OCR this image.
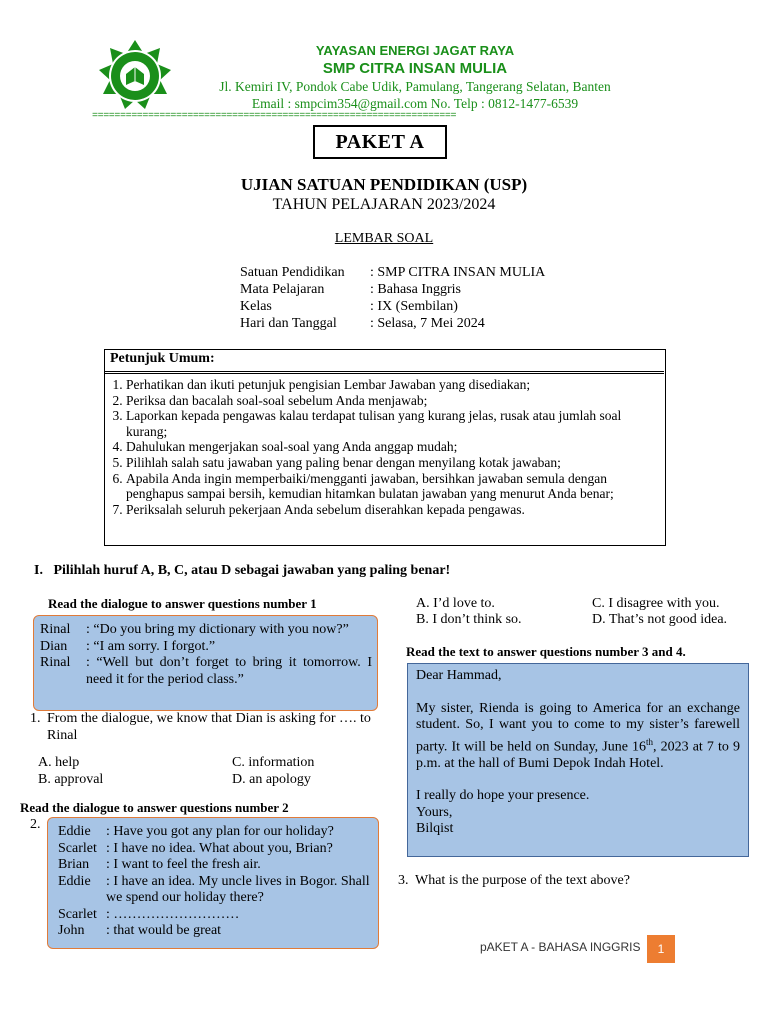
YAYASAN ENERGI JAGAT RAYA
SMP CITRA INSAN MULIA
Jl. Kemiri IV, Pondok Cabe Udik, Pamulang, Tangerang Selatan, Banten
Email : smpcim354@gmail.com No. Telp : 0812-1477-6539
=================================================================
PAKET A
UJIAN SATUAN PENDIDIKAN (USP)
TAHUN PELAJARAN 2023/2024
LEMBAR SOAL
Satuan Pendidikan	: SMP CITRA INSAN MULIA
Mata Pelajaran	: Bahasa Inggris
Kelas	: IX (Sembilan)
Hari dan Tanggal	: Selasa, 7 Mei 2024
Petunjuk Umum:
1. Perhatikan dan ikuti petunjuk pengisian Lembar Jawaban yang disediakan;
2. Periksa dan bacalah soal-soal sebelum Anda menjawab;
3. Laporkan kepada pengawas kalau terdapat tulisan yang kurang jelas, rusak atau jumlah soal kurang;
4. Dahulukan mengerjakan soal-soal yang Anda anggap mudah;
5. Pilihlah salah satu jawaban yang paling benar dengan menyilang kotak jawaban;
6. Apabila Anda ingin memperbaiki/mengganti jawaban, bersihkan jawaban semula dengan penghapus sampai bersih, kemudian hitamkan bulatan jawaban yang menurut Anda benar;
7. Periksalah seluruh pekerjaan Anda sebelum diserahkan kepada pengawas.
I. Pilihlah huruf A, B, C, atau D sebagai jawaban yang paling benar!
Read the dialogue to answer questions number 1
Rinal	: “Do you bring my dictionary with you now?”
Dian	: “I am sorry. I forgot.”
Rinal	: “Well but don’t forget to bring it tomorrow. I need it for the period class.”
1. From the dialogue, we know that Dian is asking for …. to Rinal
A. help
B. approval
C. information
D. an apology
Read the dialogue to answer questions number 2
2. Eddie	: Have you got any plan for our holiday?
Scarlet : I have no idea. What about you, Brian?
Brian	: I want to feel the fresh air.
Eddie	: I have an idea. My uncle lives in Bogor. Shall we spend our holiday there?
Scarlet : ………………………
John	: that would be great
A. I’d love to.
B. I don’t think so.
C. I disagree with you.
D. That’s not good idea.
Read the text to answer questions number 3 and 4.
Dear Hammad,
My sister, Rienda is going to America for an exchange student. So, I want you to come to my sister’s farewell party. It will be held on Sunday, June 16th, 2023 at 7 to 9 p.m. at the hall of Bumi Depok Indah Hotel.
I really do hope your presence.
Yours,
Bilqist
3. What is the purpose of the text above?
pAKET A - BAHASA INGGRIS	1
